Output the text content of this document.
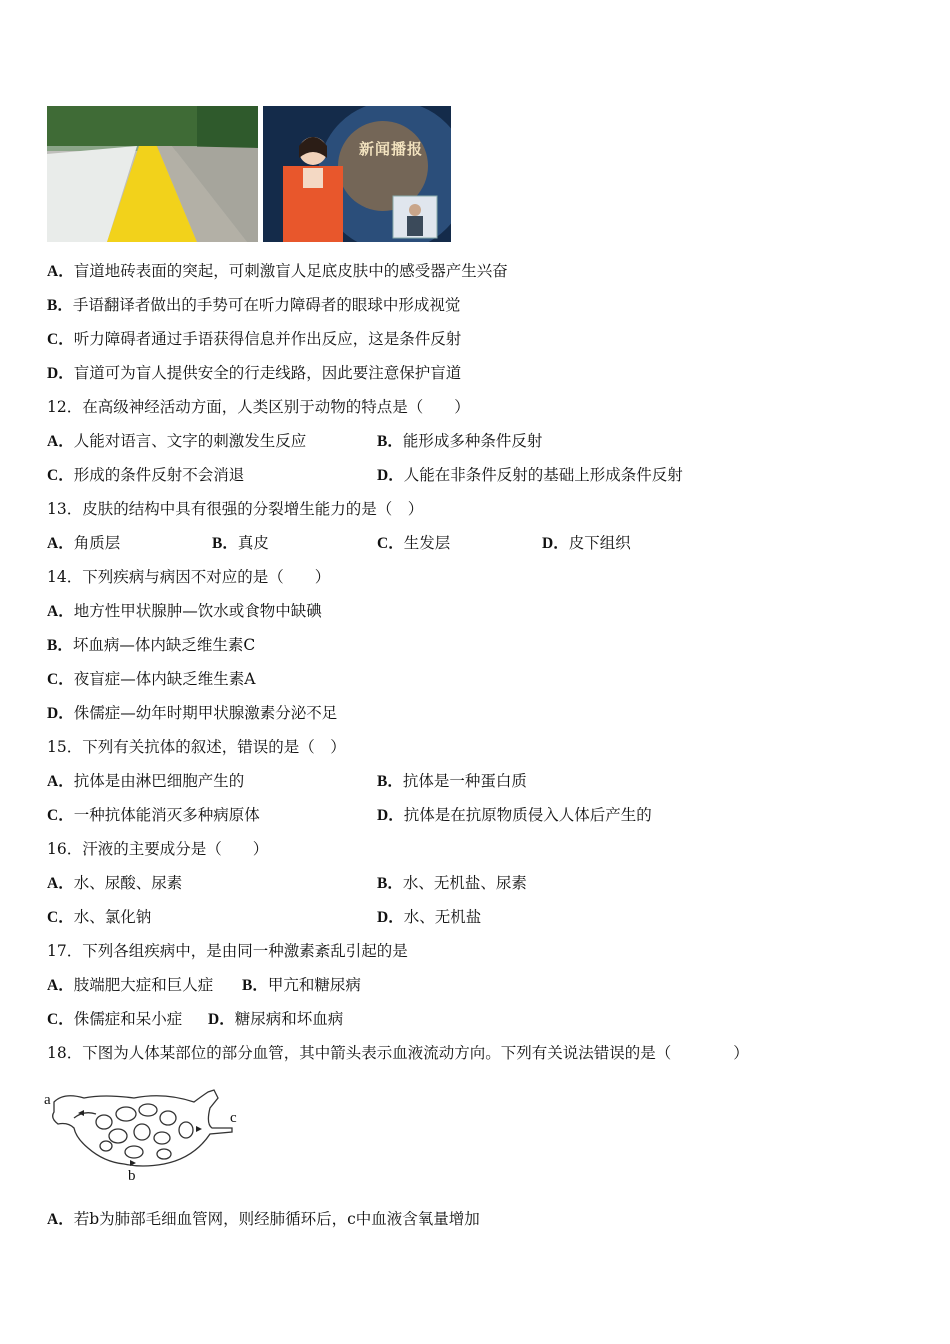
新闻播报
A．盲道地砖表面的突起，可刺激盲人足底皮肤中的感受器产生兴奋
B．手语翻译者做出的手势可在听力障碍者的眼球中形成视觉
C．听力障碍者通过手语获得信息并作出反应，这是条件反射
D．盲道可为盲人提供安全的行走线路，因此要注意保护盲道
12．在高级神经活动方面，人类区别于动物的特点是（　　）
A．人能对语言、文字的刺激发生反应	B．能形成多种条件反射
C．形成的条件反射不会消退	D．人能在非条件反射的基础上形成条件反射
13．皮肤的结构中具有很强的分裂增生能力的是（　）
A．角质层	B．真皮	C．生发层	D．皮下组织
14．下列疾病与病因不对应的是（　　）
A．地方性甲状腺肿—饮水或食物中缺碘
B．坏血病—体内缺乏维生素C
C．夜盲症—体内缺乏维生素A
D．侏儒症—幼年时期甲状腺激素分泌不足
15．下列有关抗体的叙述，错误的是（　）
A．抗体是由淋巴细胞产生的	B．抗体是一种蛋白质
C．一种抗体能消灭多种病原体	D．抗体是在抗原物质侵入人体后产生的
16．汗液的主要成分是（　　）
A．水、尿酸、尿素	B．水、无机盐、尿素
C．水、氯化钠	D．水、无机盐
17．下列各组疾病中，是由同一种激素紊乱引起的是
A．肢端肥大症和巨人症 B．甲亢和糖尿病
C．侏儒症和呆小症 D．糖尿病和坏血病
18．下图为人体某部位的部分血管，其中箭头表示血液流动方向。下列有关说法错误的是（　　　　）
a
c
b
A．若b为肺部毛细血管网，则经肺循环后，c中血液含氧量增加
